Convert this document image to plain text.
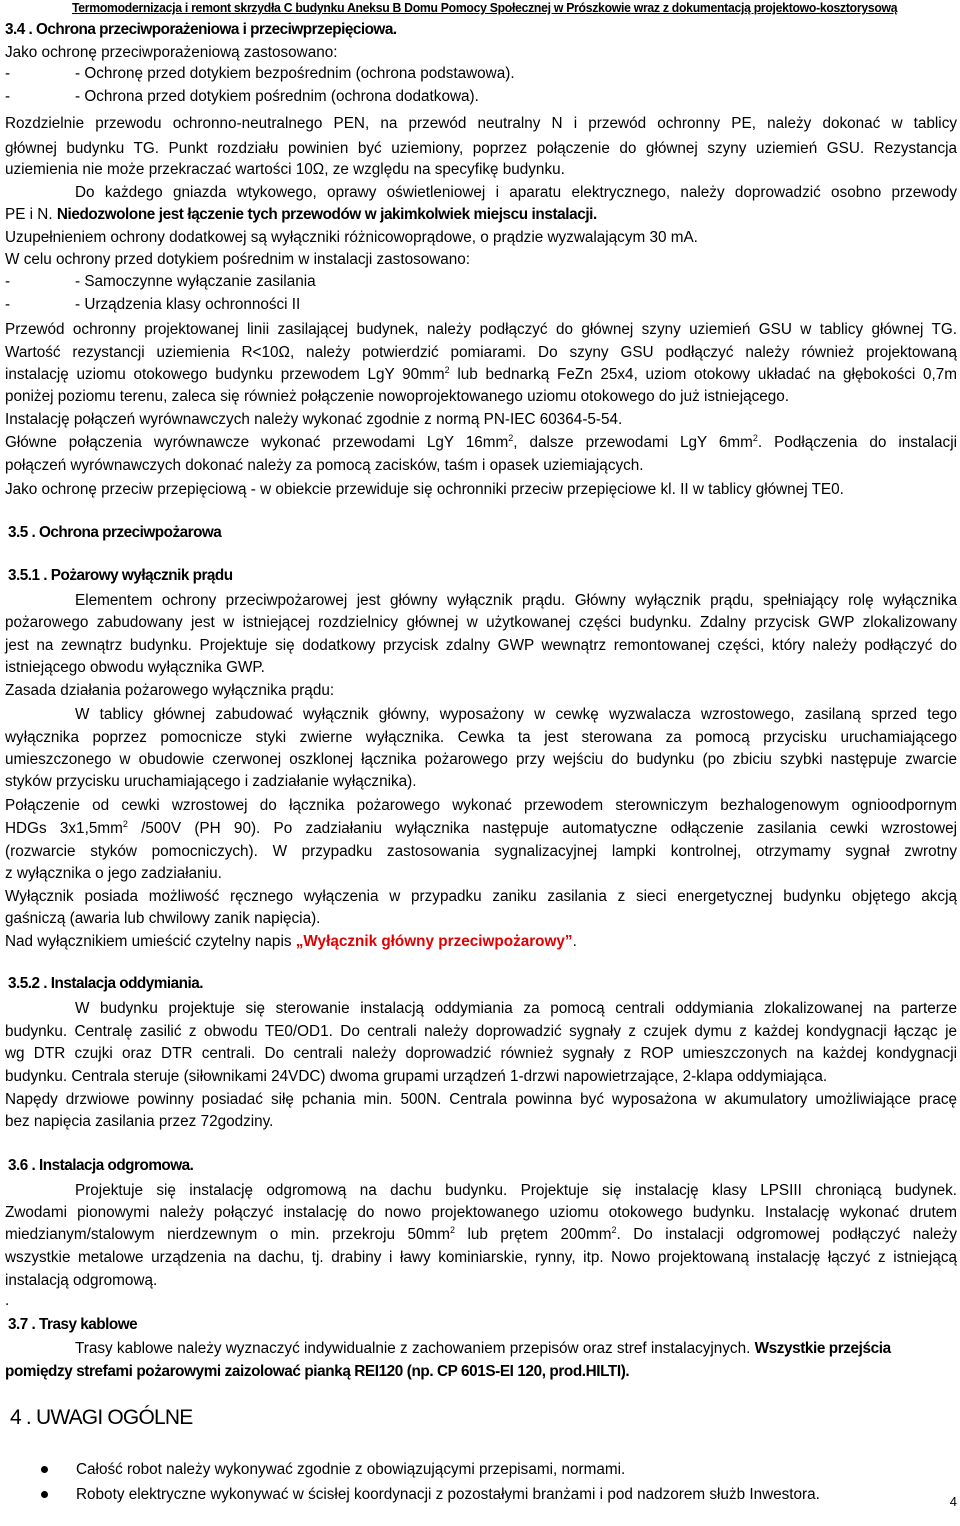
Termomodernizacja i remont skrzydła C budynku Aneksu B Domu Pomocy Społecznej w Prószkowie wraz z dokumentacją projektowo-kosztorysową
3.4 . Ochrona przeciwporażeniowa i przeciwprzepięciowa.
Jako ochronę przeciwporażeniową zastosowano:
-	- Ochronę przed dotykiem bezpośrednim (ochrona podstawowa).
-	- Ochrona przed dotykiem pośrednim (ochrona dodatkowa).
Rozdzielnie przewodu ochronno-neutralnego PEN, na przewód neutralny N i przewód ochronny PE, należy dokonać w tablicy
głównej budynku TG. Punkt rozdziału powinien być uziemiony, poprzez połączenie do głównej szyny uziemień GSU. Rezystancja
uziemienia nie może przekraczać wartości 10Ω, ze względu na specyfikę budynku.
Do każdego gniazda wtykowego, oprawy oświetleniowej i aparatu elektrycznego, należy doprowadzić osobno przewody
PE i N. Niedozwolone jest łączenie tych przewodów w jakimkolwiek miejscu instalacji.
Uzupełnieniem ochrony dodatkowej są wyłączniki różnicowoprądowe, o prądzie wyzwalającym 30 mA.
W celu ochrony przed dotykiem pośrednim w instalacji zastosowano:
-	- Samoczynne wyłączanie zasilania
-	- Urządzenia klasy ochronności II
Przewód ochronny projektowanej linii zasilającej budynek, należy podłączyć do głównej szyny uziemień GSU w tablicy głównej TG.
Wartość rezystancji uziemienia R<10Ω, należy potwierdzić pomiarami. Do szyny GSU podłączyć należy również projektowaną
instalację uziomu otokowego budynku przewodem LgY $90mm^2$ lub bednarką FeZn 25x4, uziom otokowy układać na głębokości 0,7m
poniżej poziomu terenu, zaleca się również połączenie nowoprojektowanego uziomu otokowego do już istniejącego.
Instalację połączeń wyrównawczych należy wykonać zgodnie z normą PN-IEC 60364-5-54.
Główne połączenia wyrównawcze wykonać przewodami LgY $16mm^2$, dalsze przewodami LgY $6mm^2$. Podłączenia do instalacji
połączeń wyrównawczych dokonać należy za pomocą zacisków, taśm i opasek uziemiających.
Jako ochronę przeciw przepięciową - w obiekcie przewiduje się ochronniki przeciw przepięciowe kl. II w tablicy głównej TE0.
3.5 . Ochrona przeciwpożarowa
3.5.1 . Pożarowy wyłącznik prądu
Elementem ochrony przeciwpożarowej jest główny wyłącznik prądu. Główny wyłącznik prądu, spełniający rolę wyłącznika
pożarowego zabudowany jest w istniejącej rozdzielnicy głównej w użytkowanej części budynku. Zdalny przycisk GWP zlokalizowany
jest na zewnątrz budynku. Projektuje się dodatkowy przycisk zdalny GWP wewnątrz remontowanej części, który należy podłączyć do
istniejącego obwodu wyłącznika GWP.
Zasada działania pożarowego wyłącznika prądu:
W tablicy głównej zabudować wyłącznik główny, wyposażony w cewkę wyzwalacza wzrostowego, zasilaną sprzed tego
wyłącznika poprzez pomocnicze styki zwierne wyłącznika. Cewka ta jest sterowana za pomocą przycisku uruchamiającego
umieszczonego w obudowie czerwonej oszklonej łącznika pożarowego przy wejściu do budynku (po zbiciu szybki następuje zwarcie
styków przycisku uruchamiającego i zadziałanie wyłącznika).
Połączenie od cewki wzrostowej do łącznika pożarowego wykonać przewodem sterowniczym bezhalogenowym ognioodpornym
HDGs $3x1,5mm^2$ /500V (PH 90). Po zadziałaniu wyłącznika następuje automatyczne odłączenie zasilania cewki wzrostowej
(rozwarcie styków pomocniczych). W przypadku zastosowania sygnalizacyjnej lampki kontrolnej, otrzymamy sygnał zwrotny
z wyłącznika o jego zadziałaniu.
Wyłącznik posiada możliwość ręcznego wyłączenia w przypadku zaniku zasilania z sieci energetycznej budynku objętego akcją
gaśniczą (awaria lub chwilowy zanik napięcia).
Nad wyłącznikiem umieścić czytelny napis „Wyłącznik główny przeciwpożarowy”.
3.5.2 . Instalacja oddymiania.
W budynku projektuje się sterowanie instalacją oddymiania za pomocą centrali oddymiania zlokalizowanej na parterze
budynku. Centralę zasilić z obwodu TE0/OD1. Do centrali należy doprowadzić sygnały z czujek dymu z każdej kondygnacji łącząc je
wg DTR czujki oraz DTR centrali. Do centrali należy doprowadzić również sygnały z ROP umieszczonych na każdej kondygnacji
budynku. Centrala steruje (siłownikami 24VDC) dwoma grupami urządzeń 1-drzwi napowietrzające, 2-klapa oddymiająca.
Napędy drzwiowe powinny posiadać siłę pchania min. 500N. Centrala powinna być wyposażona w akumulatory umożliwiające pracę
bez napięcia zasilania przez 72godziny.
3.6 . Instalacja odgromowa.
Projektuje się instalację odgromową na dachu budynku. Projektuje się instalację klasy LPSIII chroniącą budynek.
Zwodami pionowymi należy połączyć instalację do nowo projektowanego uziomu otokowego budynku. Instalację wykonać drutem
miedzianym/stalowym nierdzewnym o min. przekroju $50mm^2$ lub prętem $200mm^2$. Do instalacji odgromowej podłączyć należy
wszystkie metalowe urządzenia na dachu, tj. drabiny i ławy kominiarskie, rynny, itp. Nowo projektowaną instalację łączyć z istniejącą
instalacją odgromową.
.
3.7 . Trasy kablowe
Trasy kablowe należy wyznaczyć indywidualnie z zachowaniem przepisów oraz stref instalacyjnych. Wszystkie przejścia
pomiędzy strefami pożarowymi zaizolować pianką REI120 (np. CP 601S-EI 120, prod.HILTI).
4 . UWAGI OGÓLNE
Całość robot należy wykonywać zgodnie z obowiązującymi przepisami, normami.
Roboty elektryczne wykonywać w ścisłej koordynacji z pozostałymi branżami i pod nadzorem służb Inwestora.	4
